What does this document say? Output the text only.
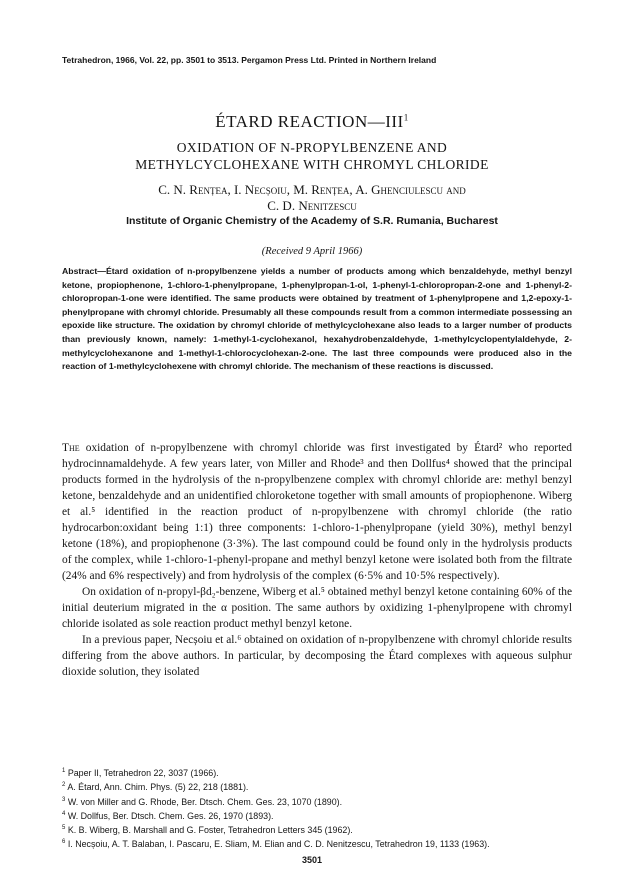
Tetrahedron, 1966, Vol. 22, pp. 3501 to 3513. Pergamon Press Ltd. Printed in Northern Ireland
ÉTARD REACTION—III$^1$
OXIDATION OF N-PROPYLBENZENE AND
METHYLCYCLOHEXANE WITH CHROMYL CHLORIDE
C. N. Rențea, I. Necșoiu, M. Rențea, A. Ghenciulescu and
C. D. Nenitzescu
Institute of Organic Chemistry of the Academy of S.R. Rumania, Bucharest
(Received 9 April 1966)
Abstract—Étard oxidation of n-propylbenzene yields a number of products among which benzaldehyde, methyl benzyl ketone, propiophenone, 1-chloro-1-phenylpropane, 1-phenylpropan-1-ol, 1-phenyl-1-chloropropan-2-one and 1-phenyl-2-chloropropan-1-one were identified. The same products were obtained by treatment of 1-phenylpropene and 1,2-epoxy-1-phenylpropane with chromyl chloride. Presumably all these compounds result from a common intermediate possessing an epoxide like structure. The oxidation by chromyl chloride of methylcyclohexane also leads to a larger number of products than previously known, namely: 1-methyl-1-cyclohexanol, hexahydrobenzaldehyde, 1-methylcyclopentylaldehyde, 2-methylcyclohexanone and 1-methyl-1-chlorocyclohexan-2-one. The last three compounds were produced also in the reaction of 1-methylcyclohexene with chromyl chloride. The mechanism of these reactions is discussed.

The oxidation of n-propylbenzene with chromyl chloride was first investigated by Étard² who reported hydrocinnamaldehyde. A few years later, von Miller and Rhode³ and then Dollfus⁴ showed that the principal products formed in the hydrolysis of the n-propylbenzene complex with chromyl chloride are: methyl benzyl ketone, benzaldehyde and an unidentified chloroketone together with small amounts of propiophenone. Wiberg et al.⁵ identified in the reaction product of n-propylbenzene with chromyl chloride (the ratio hydrocarbon:oxidant being 1:1) three components: 1-chloro-1-phenylpropane (yield 30%), methyl benzyl ketone (18%), and propiophenone (3·3%). The last compound could be found only in the hydrolysis products of the complex, while 1-chloro-1-phenyl-propane and methyl benzyl ketone were isolated both from the filtrate (24% and 6% respectively) and from hydrolysis of the complex (6·5% and 10·5% respectively).

On oxidation of n-propyl-βd₂-benzene, Wiberg et al.⁵ obtained methyl benzyl ketone containing 60% of the initial deuterium migrated in the α position. The same authors by oxidizing 1-phenylpropene with chromyl chloride isolated as sole reaction product methyl benzyl ketone.

In a previous paper, Necșoiu et al.⁶ obtained on oxidation of n-propylbenzene with chromyl chloride results differing from the above authors. In particular, by decomposing the Étard complexes with aqueous sulphur dioxide solution, they isolated

$^1$ Paper II, Tetrahedron 22, 3037 (1966).
$^2$ A. Étard, Ann. Chim. Phys. (5) 22, 218 (1881).
$^3$ W. von Miller and G. Rhode, Ber. Dtsch. Chem. Ges. 23, 1070 (1890).
$^4$ W. Dollfus, Ber. Dtsch. Chem. Ges. 26, 1970 (1893).
$^5$ K. B. Wiberg, B. Marshall and G. Foster, Tetrahedron Letters 345 (1962).
$^6$ I. Necșoiu, A. T. Balaban, I. Pascaru, E. Sliam, M. Elian and C. D. Nenitzescu, Tetrahedron 19, 1133 (1963).
3501
